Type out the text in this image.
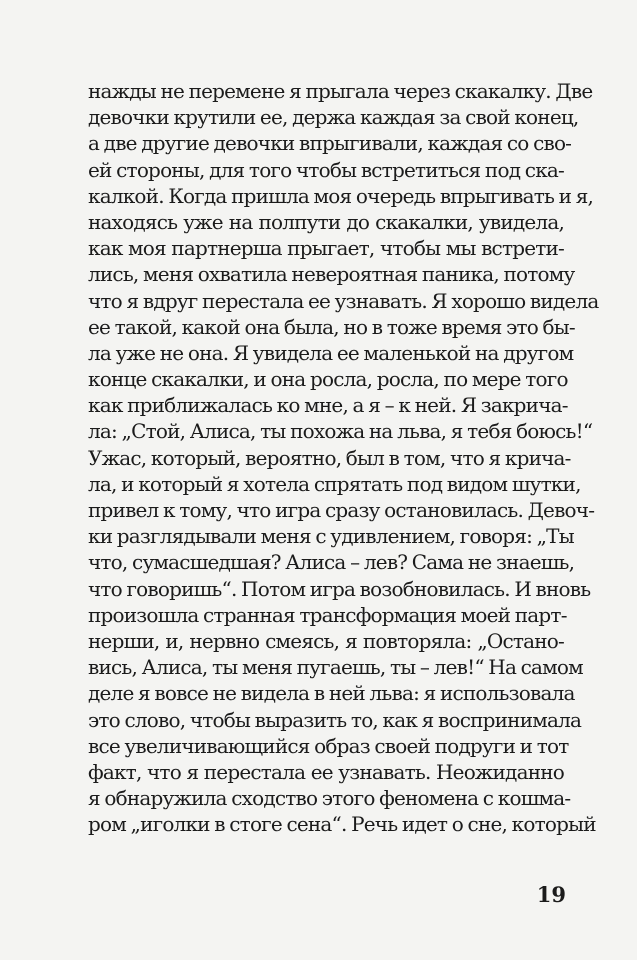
нажды не перемене я прыгала через скакалку. Две
девочки крутили ее, держа каждая за свой конец,
а две другие девочки впрыгивали, каждая со сво-
ей стороны, для того чтобы встретиться под ска-
калкой. Когда пришла моя очередь впрыгивать и я,
находясь уже на полпути до скакалки, увидела,
как моя партнерша прыгает, чтобы мы встрети-
лись, меня охватила невероятная паника, потому
что я вдруг перестала ее узнавать. Я хорошо видела
ее такой, какой она была, но в тоже время это бы-
ла уже не она. Я увидела ее маленькой на другом
конце скакалки, и она росла, росла, по мере того
как приближалась ко мне, а я – к ней. Я закрича-
ла: „Стой, Алиса, ты похожа на льва, я тебя боюсь!“
Ужас, который, вероятно, был в том, что я крича-
ла, и который я хотела спрятать под видом шутки,
привел к тому, что игра сразу остановилась. Девоч-
ки разглядывали меня с удивлением, говоря: „Ты
что, сумасшедшая? Алиса – лев? Сама не знаешь,
что говоришь“. Потом игра возобновилась. И вновь
произошла странная трансформация моей парт-
нерши, и, нервно смеясь, я повторяла: „Остано-
вись, Алиса, ты меня пугаешь, ты – лев!“ На самом
деле я вовсе не видела в ней льва: я использовала
это слово, чтобы выразить то, как я воспринимала
все увеличивающийся образ своей подруги и тот
факт, что я перестала ее узнавать. Неожиданно
я обнаружила сходство этого феномена с кошма-
ром „иголки в стоге сена“. Речь идет о сне, который
19
